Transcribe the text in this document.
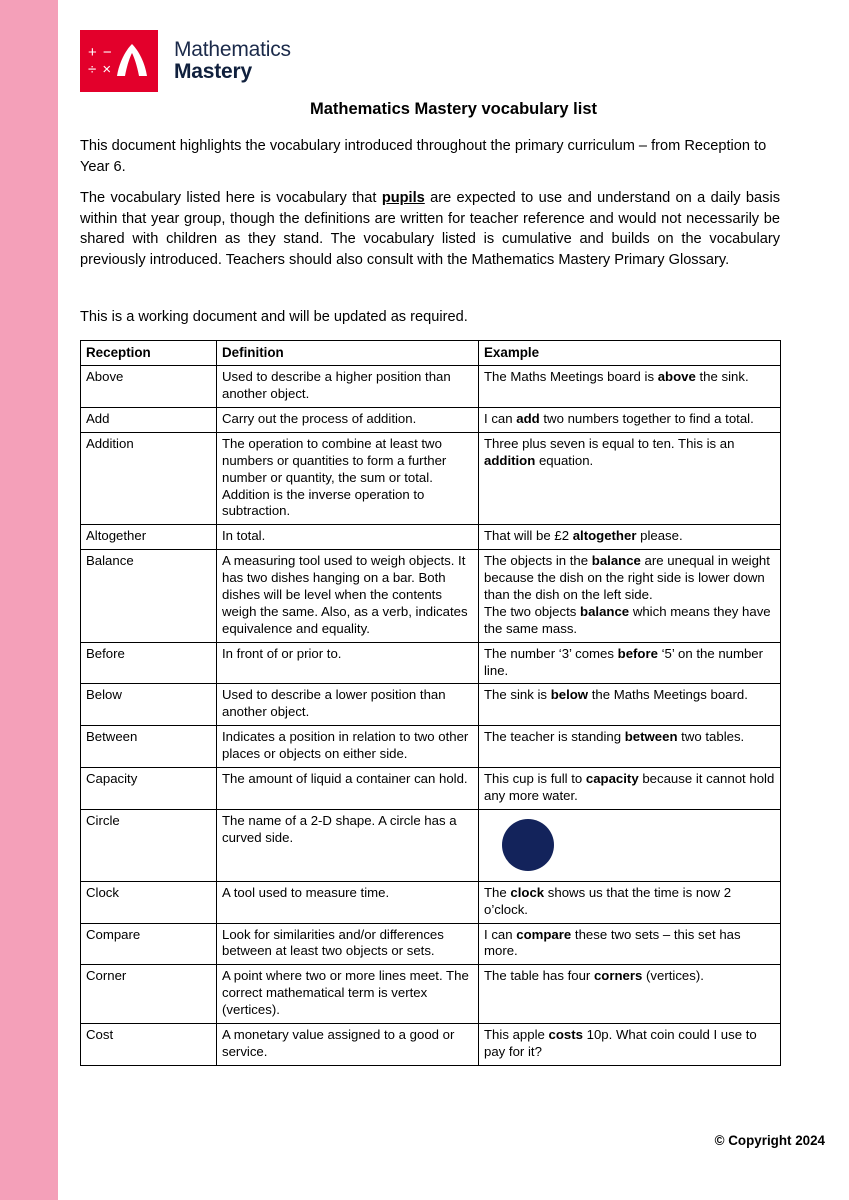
+ −
÷ ×
Mathematics
Mastery
Mathematics Mastery vocabulary list
This document highlights the vocabulary introduced throughout the primary curriculum – from Reception to Year 6.
The vocabulary listed here is vocabulary that pupils are expected to use and understand on a daily basis within that year group, though the definitions are written for teacher reference and would not necessarily be shared with children as they stand. The vocabulary listed is cumulative and builds on the vocabulary previously introduced. Teachers should also consult with the Mathematics Mastery Primary Glossary.
This is a working document and will be updated as required.
Reception	Definition	Example
Above	Used to describe a higher position than another object.	The Maths Meetings board is above the sink.
Add	Carry out the process of addition.	I can add two numbers together to find a total.
Addition	The operation to combine at least two numbers or quantities to form a further number or quantity, the sum or total. Addition is the inverse operation to subtraction.	Three plus seven is equal to ten. This is an addition equation.
Altogether	In total.	That will be £2 altogether please.
Balance	A measuring tool used to weigh objects. It has two dishes hanging on a bar. Both dishes will be level when the contents weigh the same. Also, as a verb, indicates equivalence and equality.	The objects in the balance are unequal in weight because the dish on the right side is lower down than the dish on the left side.
The two objects balance which means they have the same mass.
Before	In front of or prior to.	The number ‘3’ comes before ‘5’ on the number line.
Below	Used to describe a lower position than another object.	The sink is below the Maths Meetings board.
Between	Indicates a position in relation to two other places or objects on either side.	The teacher is standing between two tables.
Capacity	The amount of liquid a container can hold.	This cup is full to capacity because it cannot hold any more water.
Circle	The name of a 2-D shape. A circle has a curved side.	

Clock	A tool used to measure time.	The clock shows us that the time is now 2 o’clock.
Compare	Look for similarities and/or differences between at least two objects or sets.	I can compare these two sets – this set has more.
Corner	A point where two or more lines meet. The correct mathematical term is vertex (vertices).	The table has four corners (vertices).
Cost	A monetary value assigned to a good or service.	This apple costs 10p. What coin could I use to pay for it?
© Copyright 2024
